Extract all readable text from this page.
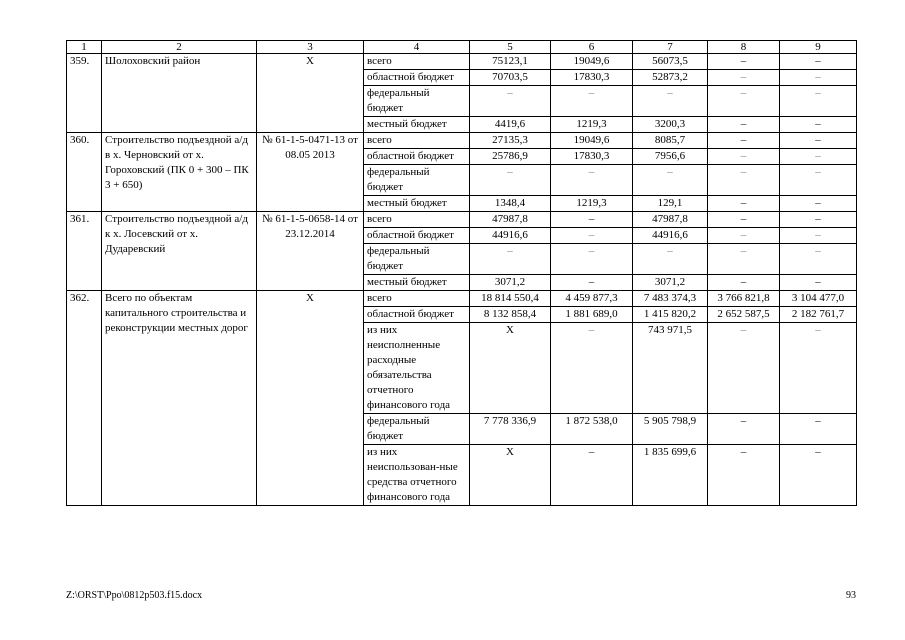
1	2	3	4	5	6	7	8	9
359.	Шолоховский район	Х	всего	75123,1	19049,6	56073,5	–	–
			областной бюджет	70703,5	17830,3	52873,2	–	–
			федеральный бюджет	–	–	–	–	–
			местный бюджет	4419,6	1219,3	3200,3	–	–
360.	Строительство подъездной а/д в х. Черновский от х. Гороховский (ПК 0 + 300 – ПК 3 + 650)	№ 61-1-5-0471-13 от 08.05 2013	всего	27135,3	19049,6	8085,7	–	–
			областной бюджет	25786,9	17830,3	7956,6	–	–
			федеральный бюджет	–	–	–	–	–
			местный бюджет	1348,4	1219,3	129,1	–	–
361.	Строительство подъездной а/д к х. Лосевский от х. Дударевский	№ 61-1-5-0658-14 от 23.12.2014	всего	47987,8	–	47987,8	–	–
			областной бюджет	44916,6	–	44916,6	–	–
			федеральный бюджет	–	–	–	–	–
			местный бюджет	3071,2	–	3071,2	–	–
362.	Всего по объектам капитального строительства и реконструкции местных дорог	Х	всего	18 814 550,4	4 459 877,3	7 483 374,3	3 766 821,8	3 104 477,0
			областной бюджет	8 132 858,4	1 881 689,0	1 415 820,2	2 652 587,5	2 182 761,7
			из них неисполненные расходные обязательства отчетного финансового года	Х	–	743 971,5	–	–
			федеральный бюджет	7 778 336,9	1 872 538,0	5 905 798,9	–	–
			из них неиспользован-ные средства отчетного финансового года	Х	–	1 835 699,6	–	–
Z:\ORST\Ppo\0812p503.f15.docx	93
